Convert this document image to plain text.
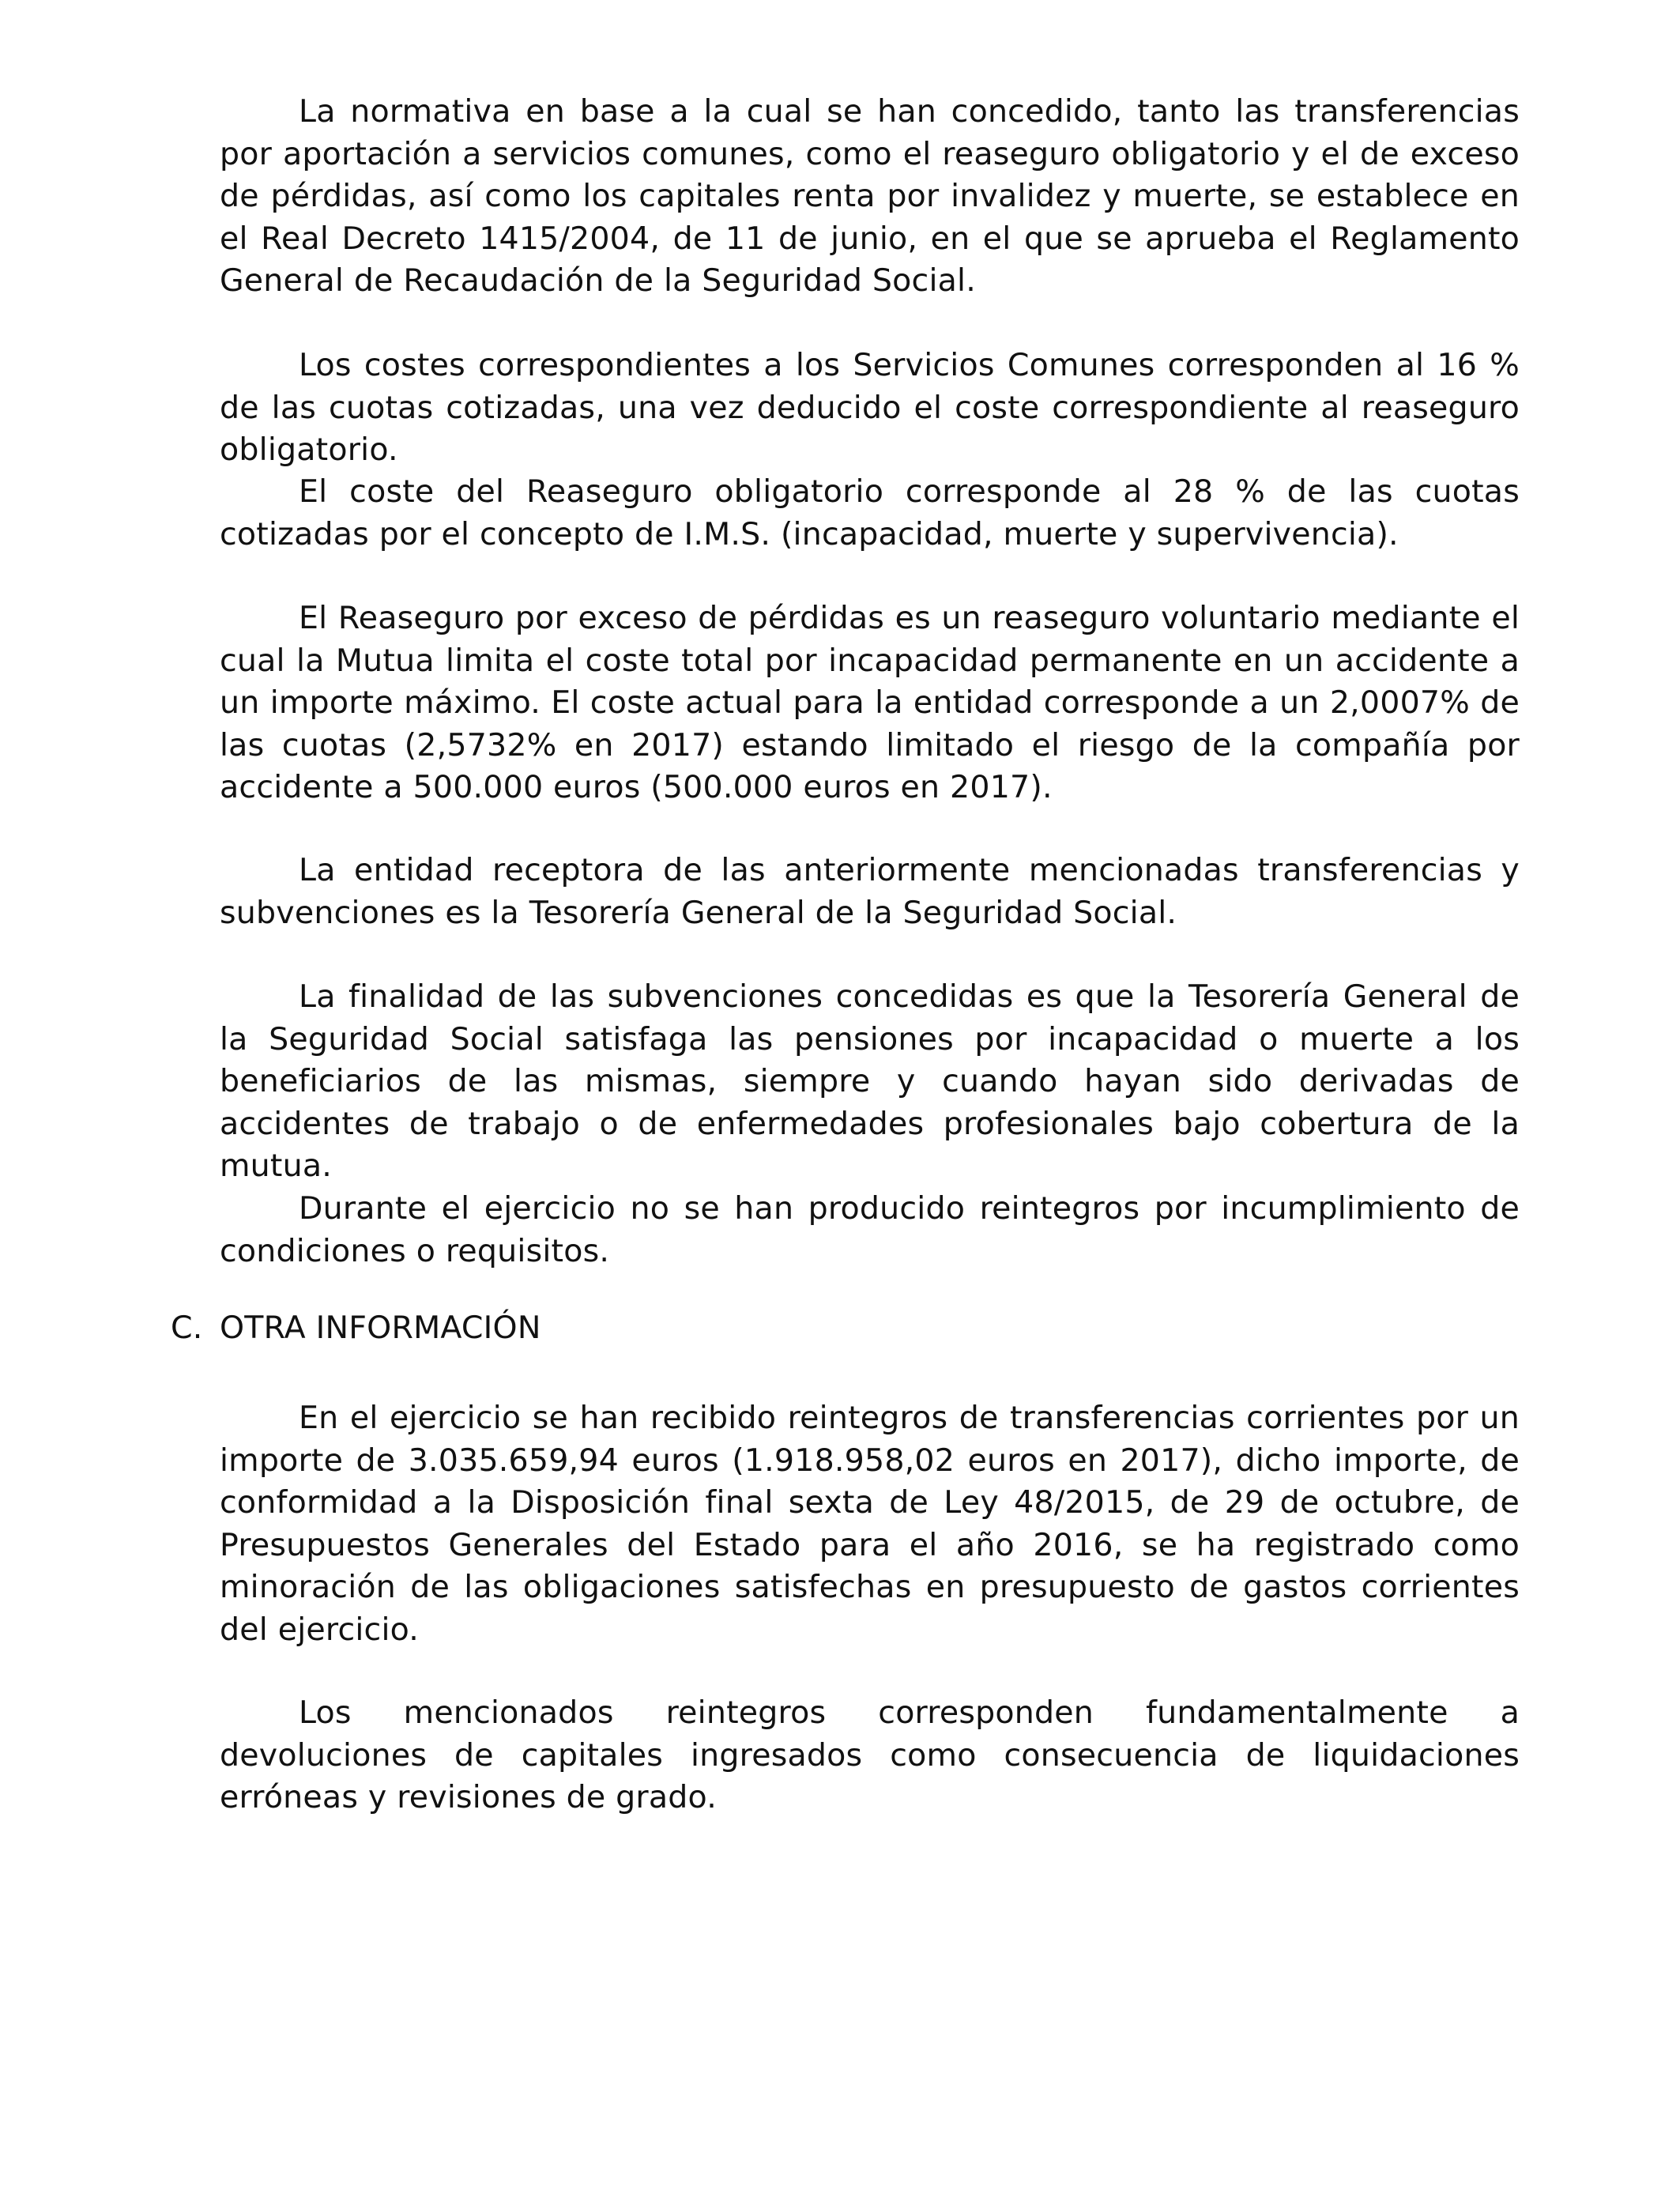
La normativa en base a la cual se han concedido, tanto las transferencias por aportación a servicios comunes, como el reaseguro obligatorio y el de exceso de pérdidas, así como los capitales renta por invalidez y muerte, se establece en el Real Decreto 1415/2004, de 11 de junio, en el que se aprueba el Reglamento General de Recaudación de la Seguridad Social.

Los costes correspondientes a los Servicios Comunes corresponden al 16 % de las cuotas cotizadas, una vez deducido el coste correspondiente al reaseguro obligatorio.

El coste del Reaseguro obligatorio corresponde al 28 % de las cuotas cotizadas por el concepto de I.M.S. (incapacidad, muerte y supervivencia).

El Reaseguro por exceso de pérdidas es un reaseguro voluntario mediante el cual la Mutua limita el coste total por incapacidad permanente en un accidente a un importe máximo. El coste actual para la entidad corresponde a un 2,0007% de las cuotas (2,5732% en 2017) estando limitado el riesgo de la compañía por accidente a 500.000 euros (500.000 euros en 2017).

La entidad receptora de las anteriormente mencionadas transferencias y subvenciones es la Tesorería General de la Seguridad Social.

La finalidad de las subvenciones concedidas es que la Tesorería General de la Seguridad Social satisfaga las pensiones por incapacidad o muerte a los beneficiarios de las mismas, siempre y cuando hayan sido derivadas de accidentes de trabajo o de enfermedades profesionales bajo cobertura de la mutua.

Durante el ejercicio no se han producido reintegros por incumplimiento de condiciones o requisitos.

C. OTRA INFORMACIÓN

En el ejercicio se han recibido reintegros de transferencias corrientes por un importe de 3.035.659,94 euros (1.918.958,02 euros en 2017), dicho importe, de conformidad a la Disposición final sexta de Ley 48/2015, de 29 de octubre, de Presupuestos Generales del Estado para el año 2016, se ha registrado como minoración de las obligaciones satisfechas en presupuesto de gastos corrientes del ejercicio.

Los mencionados reintegros corresponden fundamentalmente a devoluciones de capitales ingresados como consecuencia de liquidaciones erróneas y revisiones de grado.
